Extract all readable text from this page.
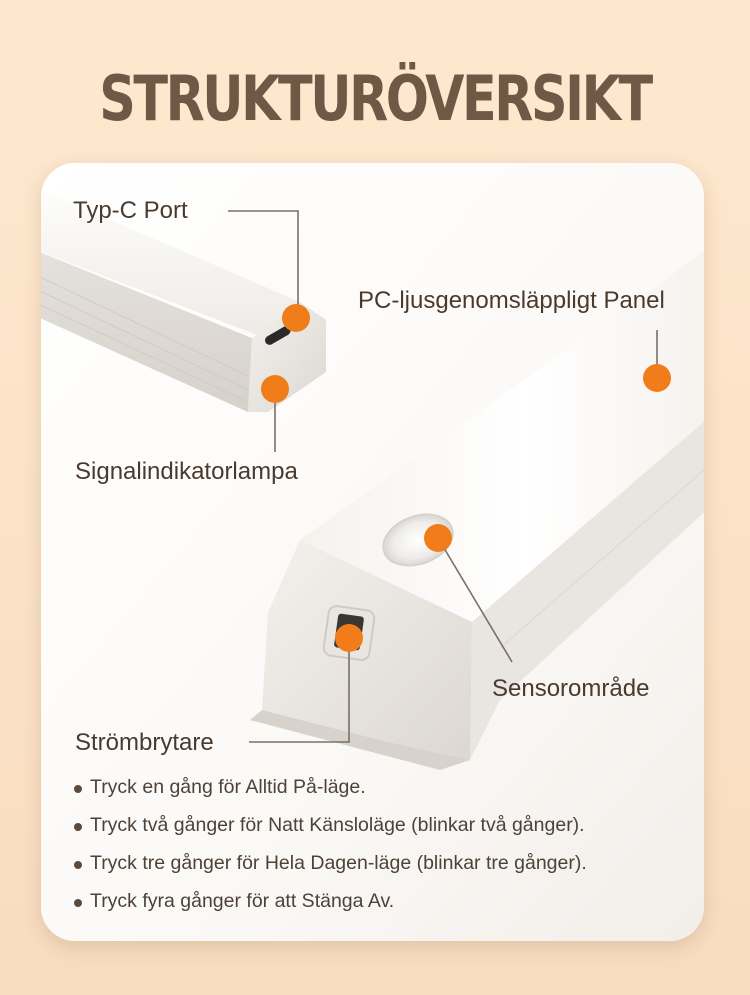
STRUKTURÖVERSIKT
Typ-C Port
PC-ljusgenomsläppligt Panel
Signalindikatorlampa
Sensorområde
Strömbrytare
Tryck en gång för Alltid På-läge.
Tryck två gånger för Natt Känsloläge (blinkar två gånger).
Tryck tre gånger för Hela Dagen-läge (blinkar tre gånger).
Tryck fyra gånger för att Stänga Av.
